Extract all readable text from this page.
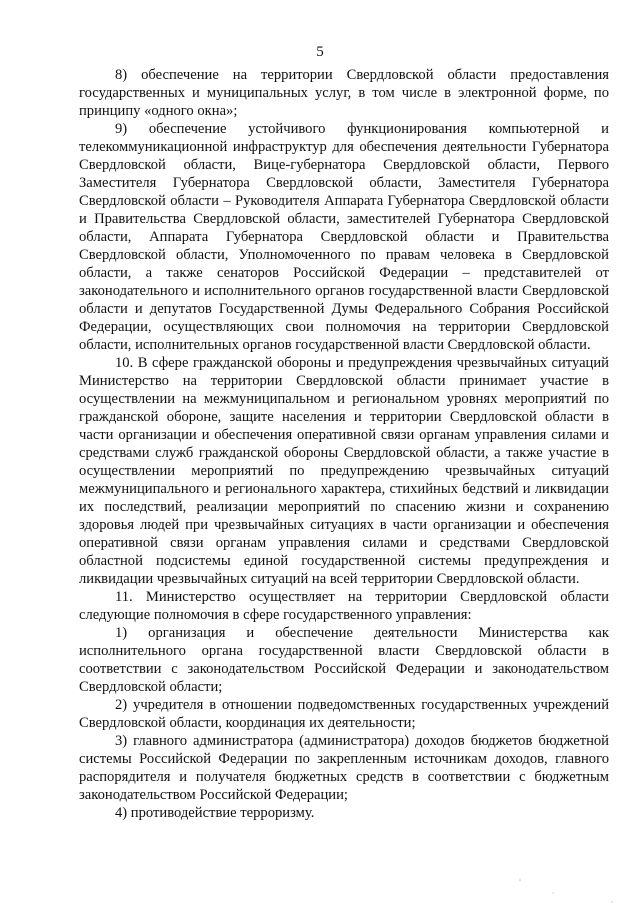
5

8) обеспечение на территории Свердловской области предоставления государственных и муниципальных услуг, в том числе в электронной форме, по принципу «одного окна»;

9) обеспечение устойчивого функционирования компьютерной и телекоммуникационной инфраструктур для обеспечения деятельности Губернатора Свердловской области, Вице-губернатора Свердловской области, Первого Заместителя Губернатора Свердловской области, Заместителя Губернатора Свердловской области – Руководителя Аппарата Губернатора Свердловской области и Правительства Свердловской области, заместителей Губернатора Свердловской области, Аппарата Губернатора Свердловской области и Правительства Свердловской области, Уполномоченного по правам человека в Свердловской области, а также сенаторов Российской Федерации – представителей от законодательного и исполнительного органов государственной власти Свердловской области и депутатов Государственной Думы Федерального Собрания Российской Федерации, осуществляющих свои полномочия на территории Свердловской области, исполнительных органов государственной власти Свердловской области.

10. В сфере гражданской обороны и предупреждения чрезвычайных ситуаций Министерство на территории Свердловской области принимает участие в осуществлении на межмуниципальном и региональном уровнях мероприятий по гражданской обороне, защите населения и территории Свердловской области в части организации и обеспечения оперативной связи органам управления силами и средствами служб гражданской обороны Свердловской области, а также участие в осуществлении мероприятий по предупреждению чрезвычайных ситуаций межмуниципального и регионального характера, стихийных бедствий и ликвидации их последствий, реализации мероприятий по спасению жизни и сохранению здоровья людей при чрезвычайных ситуациях в части организации и обеспечения оперативной связи органам управления силами и средствами Свердловской областной подсистемы единой государственной системы предупреждения и ликвидации чрезвычайных ситуаций на всей территории Свердловской области.

11. Министерство осуществляет на территории Свердловской области следующие полномочия в сфере государственного управления:

1) организация и обеспечение деятельности Министерства как исполнительного органа государственной власти Свердловской области в соответствии с законодательством Российской Федерации и законодательством Свердловской области;

2) учредителя в отношении подведомственных государственных учреждений Свердловской области, координация их деятельности;

3) главного администратора (администратора) доходов бюджетов бюджетной системы Российской Федерации по закрепленным источникам доходов, главного распорядителя и получателя бюджетных средств в соответствии с бюджетным законодательством Российской Федерации;

4) противодействие терроризму.
